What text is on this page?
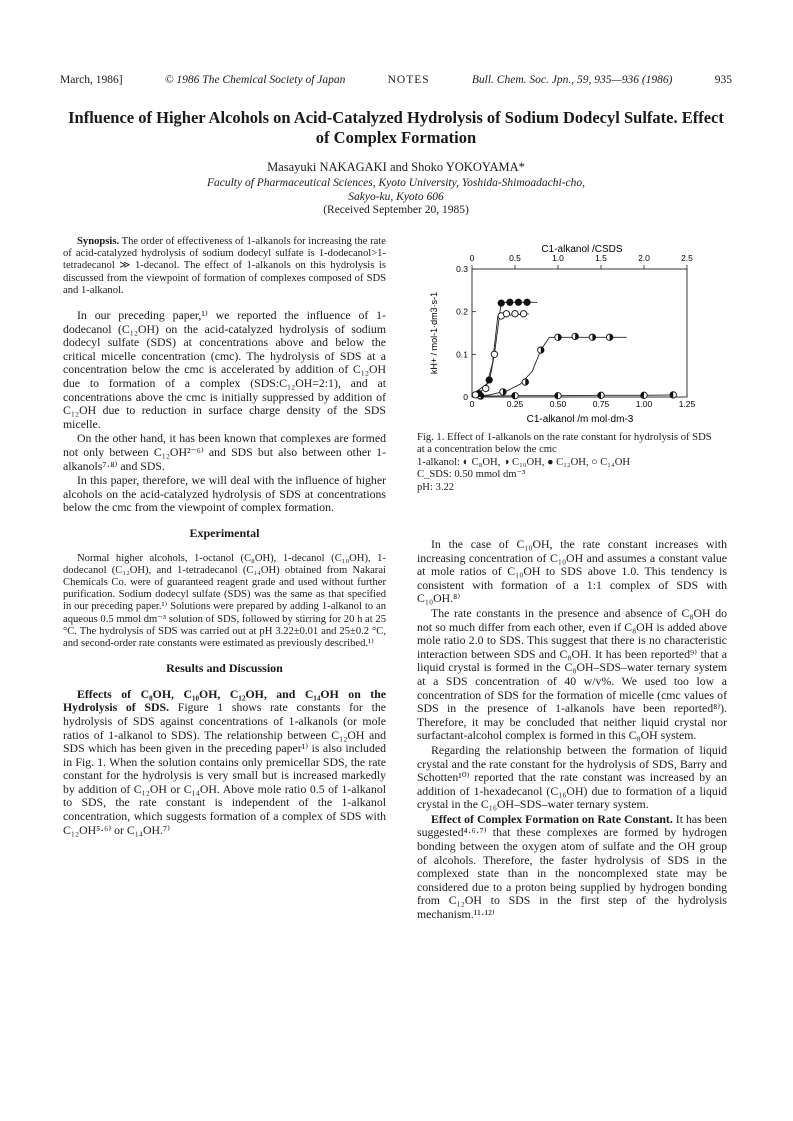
March, 1986]	© 1986 The Chemical Society of Japan	NOTES	Bull. Chem. Soc. Jpn., 59, 935—936 (1986)	935
Influence of Higher Alcohols on Acid-Catalyzed Hydrolysis of Sodium Dodecyl Sulfate. Effect of Complex Formation
Masayuki NAKAGAKI and Shoko YOKOYAMA*
Faculty of Pharmaceutical Sciences, Kyoto University, Yoshida-Shimoadachi-cho,
Sakyo-ku, Kyoto 606
(Received September 20, 1985)

Synopsis. The order of effectiveness of 1-alkanols for increasing the rate of acid-catalyzed hydrolysis of sodium dodecyl sulfate is 1-dodecanol>1-tetradecanol ≫ 1-decanol. The effect of 1-alkanols on this hydrolysis is discussed from the viewpoint of formation of complexes composed of SDS and 1-alkanol.

In our preceding paper,¹⁾ we reported the influence of 1-dodecanol (C₁₂OH) on the acid-catalyzed hydrolysis of sodium dodecyl sulfate (SDS) at concentrations above and below the critical micelle concentration (cmc). The hydrolysis of SDS at a concentration below the cmc is accelerated by addition of C₁₂OH due to formation of a complex (SDS:C₁₂OH=2:1), and at concentrations above the cmc is initially suppressed by addition of C₁₂OH due to reduction in surface charge density of the SDS micelle.

On the other hand, it has been known that complexes are formed not only between C₁₂OH²⁻⁶⁾ and SDS but also between other 1-alkanols⁷·⁸⁾ and SDS.

In this paper, therefore, we will deal with the influence of higher alcohols on the acid-catalyzed hydrolysis of SDS at concentrations below the cmc from the viewpoint of complex formation.

Experimental

Normal higher alcohols, 1-octanol (C₈OH), 1-decanol (C₁₀OH), 1-dodecanol (C₁₂OH), and 1-tetradecanol (C₁₄OH) obtained from Nakarai Chemicals Co. were of guaranteed reagent grade and used without further purification. Sodium dodecyl sulfate (SDS) was the same as that specified in our preceding paper.¹⁾ Solutions were prepared by adding 1-alkanol to an aqueous 0.5 mmol dm⁻³ solution of SDS, followed by stirring for 20 h at 25 °C. The hydrolysis of SDS was carried out at pH 3.22±0.01 and 25±0.2 °C, and second-order rate constants were estimated as previously described.¹⁾

Results and Discussion

Effects of C₈OH, C₁₀OH, C₁₂OH, and C₁₄OH on the Hydrolysis of SDS. Figure 1 shows rate constants for the hydrolysis of SDS against concentrations of 1-alkanols (or mole ratios of 1-alkanol to SDS). The relationship between C₁₂OH and SDS which has been given in the preceding paper¹⁾ is also included in Fig. 1. When the solution contains only premicellar SDS, the rate constant for the hydrolysis is very small but is increased markedly by addition of C₁₂OH or C₁₄OH. Above mole ratio 0.5 of 1-alkanol to SDS, the rate constant is independent of the 1-alkanol concentration, which suggests formation of a complex of SDS with C₁₂OH⁵·⁶⁾ or C₁₄OH.⁷⁾

C1-alkanol /CSDS
0	0.5	1.0	1.5	2.0	2.5
0
0.1
0.2
0.3
0	0.25	0.50	0.75	1.00	1.25
kH+ / mol-1·dm3·s-1
C1-alkanol /m mol·dm-3

Fig. 1. Effect of 1-alkanols on the rate constant for hydrolysis of SDS at a concentration below the cmc

1-alkanol: ◐ C₈OH, ◑ C₁₀OH, ● C₁₂OH, ○ C₁₄OH

C_SDS: 0.50 mmol dm⁻³

pH: 3.22

In the case of C₁₀OH, the rate constant increases with increasing concentration of C₁₀OH and assumes a constant value at mole ratios of C₁₀OH to SDS above 1.0. This tendency is consistent with formation of a 1:1 complex of SDS with C₁₀OH.⁸⁾

The rate constants in the presence and absence of C₈OH do not so much differ from each other, even if C₈OH is added above mole ratio 2.0 to SDS. This suggest that there is no characteristic interaction between SDS and C₈OH. It has been reported⁹⁾ that a liquid crystal is formed in the C₈OH–SDS–water ternary system at a SDS concentration of 40 w/v%. We used too low a concentration of SDS for the formation of micelle (cmc values of SDS in the presence of 1-alkanols have been reported⁸⁾). Therefore, it may be concluded that neither liquid crystal nor surfactant-alcohol complex is formed in this C₈OH system.

Regarding the relationship between the formation of liquid crystal and the rate constant for the hydrolysis of SDS, Barry and Schotten¹⁰⁾ reported that the rate constant was increased by an addition of 1-hexadecanol (C₁₆OH) due to formation of a liquid crystal in the C₁₆OH–SDS–water ternary system.

Effect of Complex Formation on Rate Constant. It has been suggested⁴·⁶·⁷⁾ that these complexes are formed by hydrogen bonding between the oxygen atom of sulfate and the OH group of alcohols. Therefore, the faster hydrolysis of SDS in the complexed state than in the noncomplexed state may be considered due to a proton being supplied by hydrogen bonding from C₁₂OH to SDS in the first step of the hydrolysis mechanism.¹¹·¹²⁾
